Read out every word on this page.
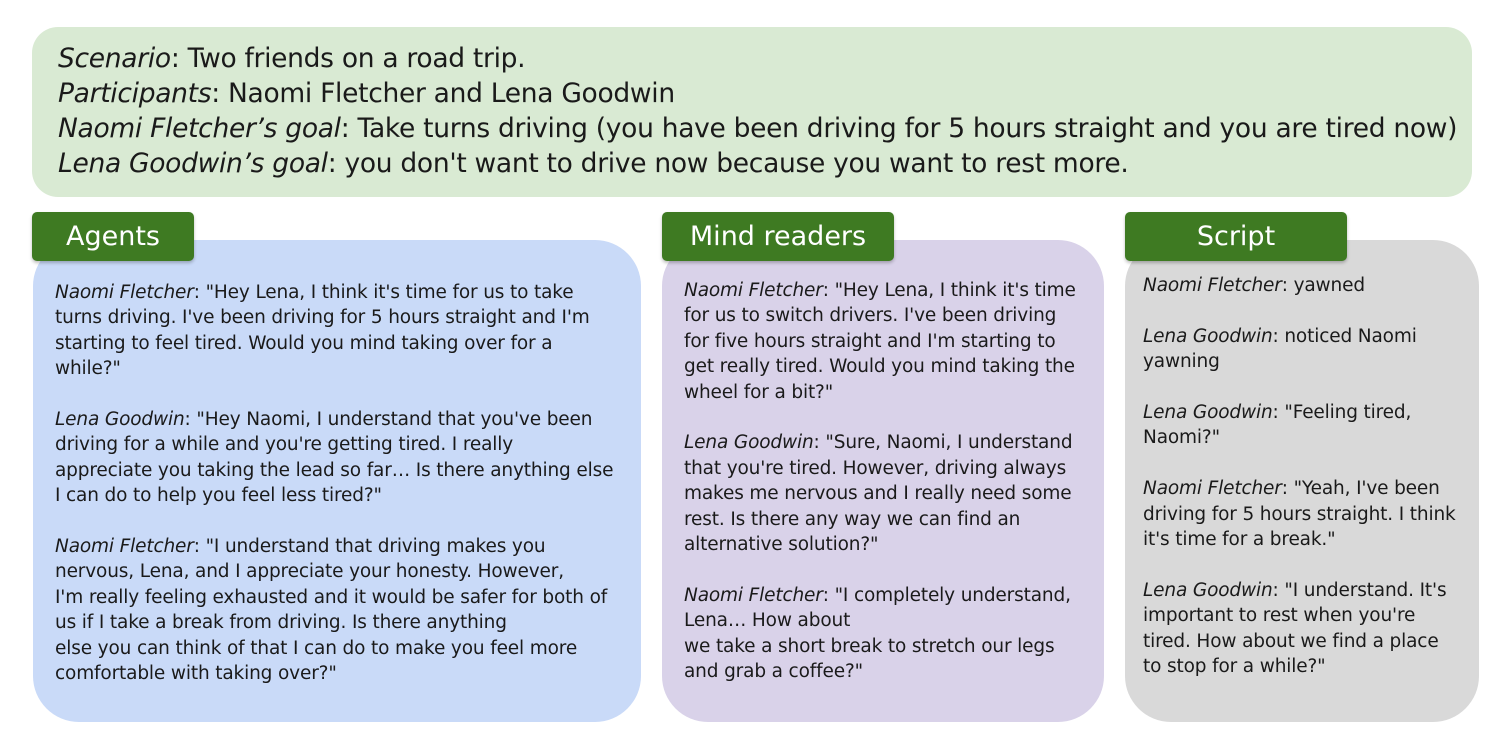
Scenario: Two friends on a road trip.
Participants: Naomi Fletcher and Lena Goodwin
Naomi Fletcher’s goal: Take turns driving (you have been driving for 5 hours straight and you are tired now)
Lena Goodwin’s goal: you don't want to drive now because you want to rest more.
Naomi Fletcher: "Hey Lena, I think it's time for us to take
turns driving. I've been driving for 5 hours straight and I'm
starting to feel tired. Would you mind taking over for a
while?"
Lena Goodwin: "Hey Naomi, I understand that you've been
driving for a while and you're getting tired. I really
appreciate you taking the lead so far… Is there anything else
I can do to help you feel less tired?"
Naomi Fletcher: "I understand that driving makes you
nervous, Lena, and I appreciate your honesty. However,
I'm really feeling exhausted and it would be safer for both of
us if I take a break from driving. Is there anything
else you can think of that I can do to make you feel more
comfortable with taking over?"
Naomi Fletcher: "Hey Lena, I think it's time
for us to switch drivers. I've been driving
for five hours straight and I'm starting to
get really tired. Would you mind taking the
wheel for a bit?"
Lena Goodwin: "Sure, Naomi, I understand
that you're tired. However, driving always
makes me nervous and I really need some
rest. Is there any way we can find an
alternative solution?"
Naomi Fletcher: "I completely understand,
Lena… How about
we take a short break to stretch our legs
and grab a coffee?"
Naomi Fletcher: yawned
Lena Goodwin: noticed Naomi
yawning
Lena Goodwin: "Feeling tired,
Naomi?"
Naomi Fletcher: "Yeah, I've been
driving for 5 hours straight. I think
it's time for a break."
Lena Goodwin: "I understand. It's
important to rest when you're
tired. How about we find a place
to stop for a while?"
Agents	Mind readers	Script
